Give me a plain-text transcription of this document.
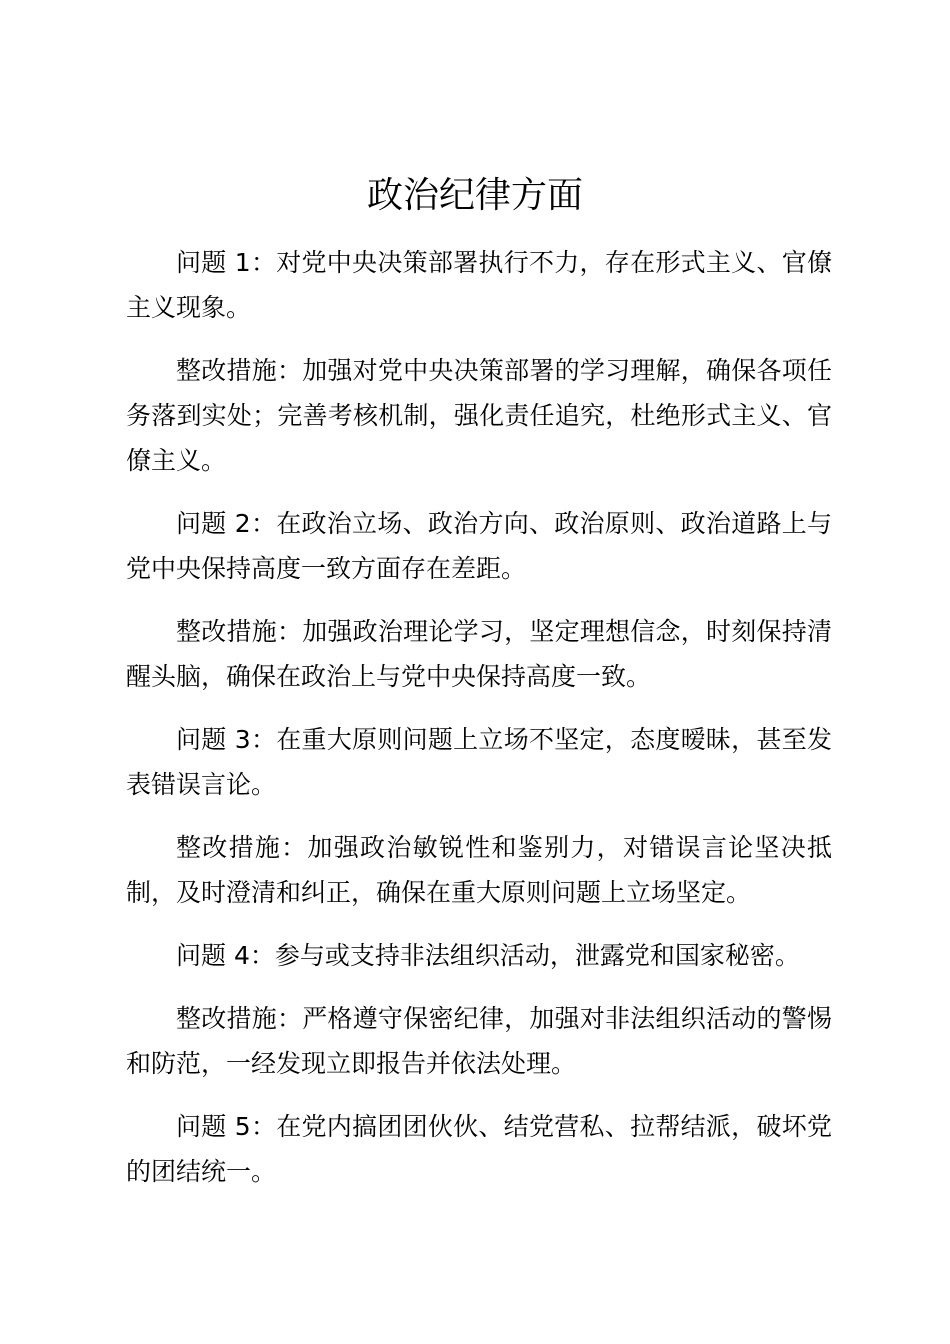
政治纪律方面

问题 1：对党中央决策部署执行不力，存在形式主义、官僚主义现象。

整改措施：加强对党中央决策部署的学习理解，确保各项任务落到实处；完善考核机制，强化责任追究，杜绝形式主义、官僚主义。

问题 2：在政治立场、政治方向、政治原则、政治道路上与党中央保持高度一致方面存在差距。

整改措施：加强政治理论学习，坚定理想信念，时刻保持清醒头脑，确保在政治上与党中央保持高度一致。

问题 3：在重大原则问题上立场不坚定，态度暧昧，甚至发表错误言论。

整改措施：加强政治敏锐性和鉴别力，对错误言论坚决抵制，及时澄清和纠正，确保在重大原则问题上立场坚定。

问题 4：参与或支持非法组织活动，泄露党和国家秘密。

整改措施：严格遵守保密纪律，加强对非法组织活动的警惕和防范，一经发现立即报告并依法处理。

问题 5：在党内搞团团伙伙、结党营私、拉帮结派，破坏党的团结统一。
